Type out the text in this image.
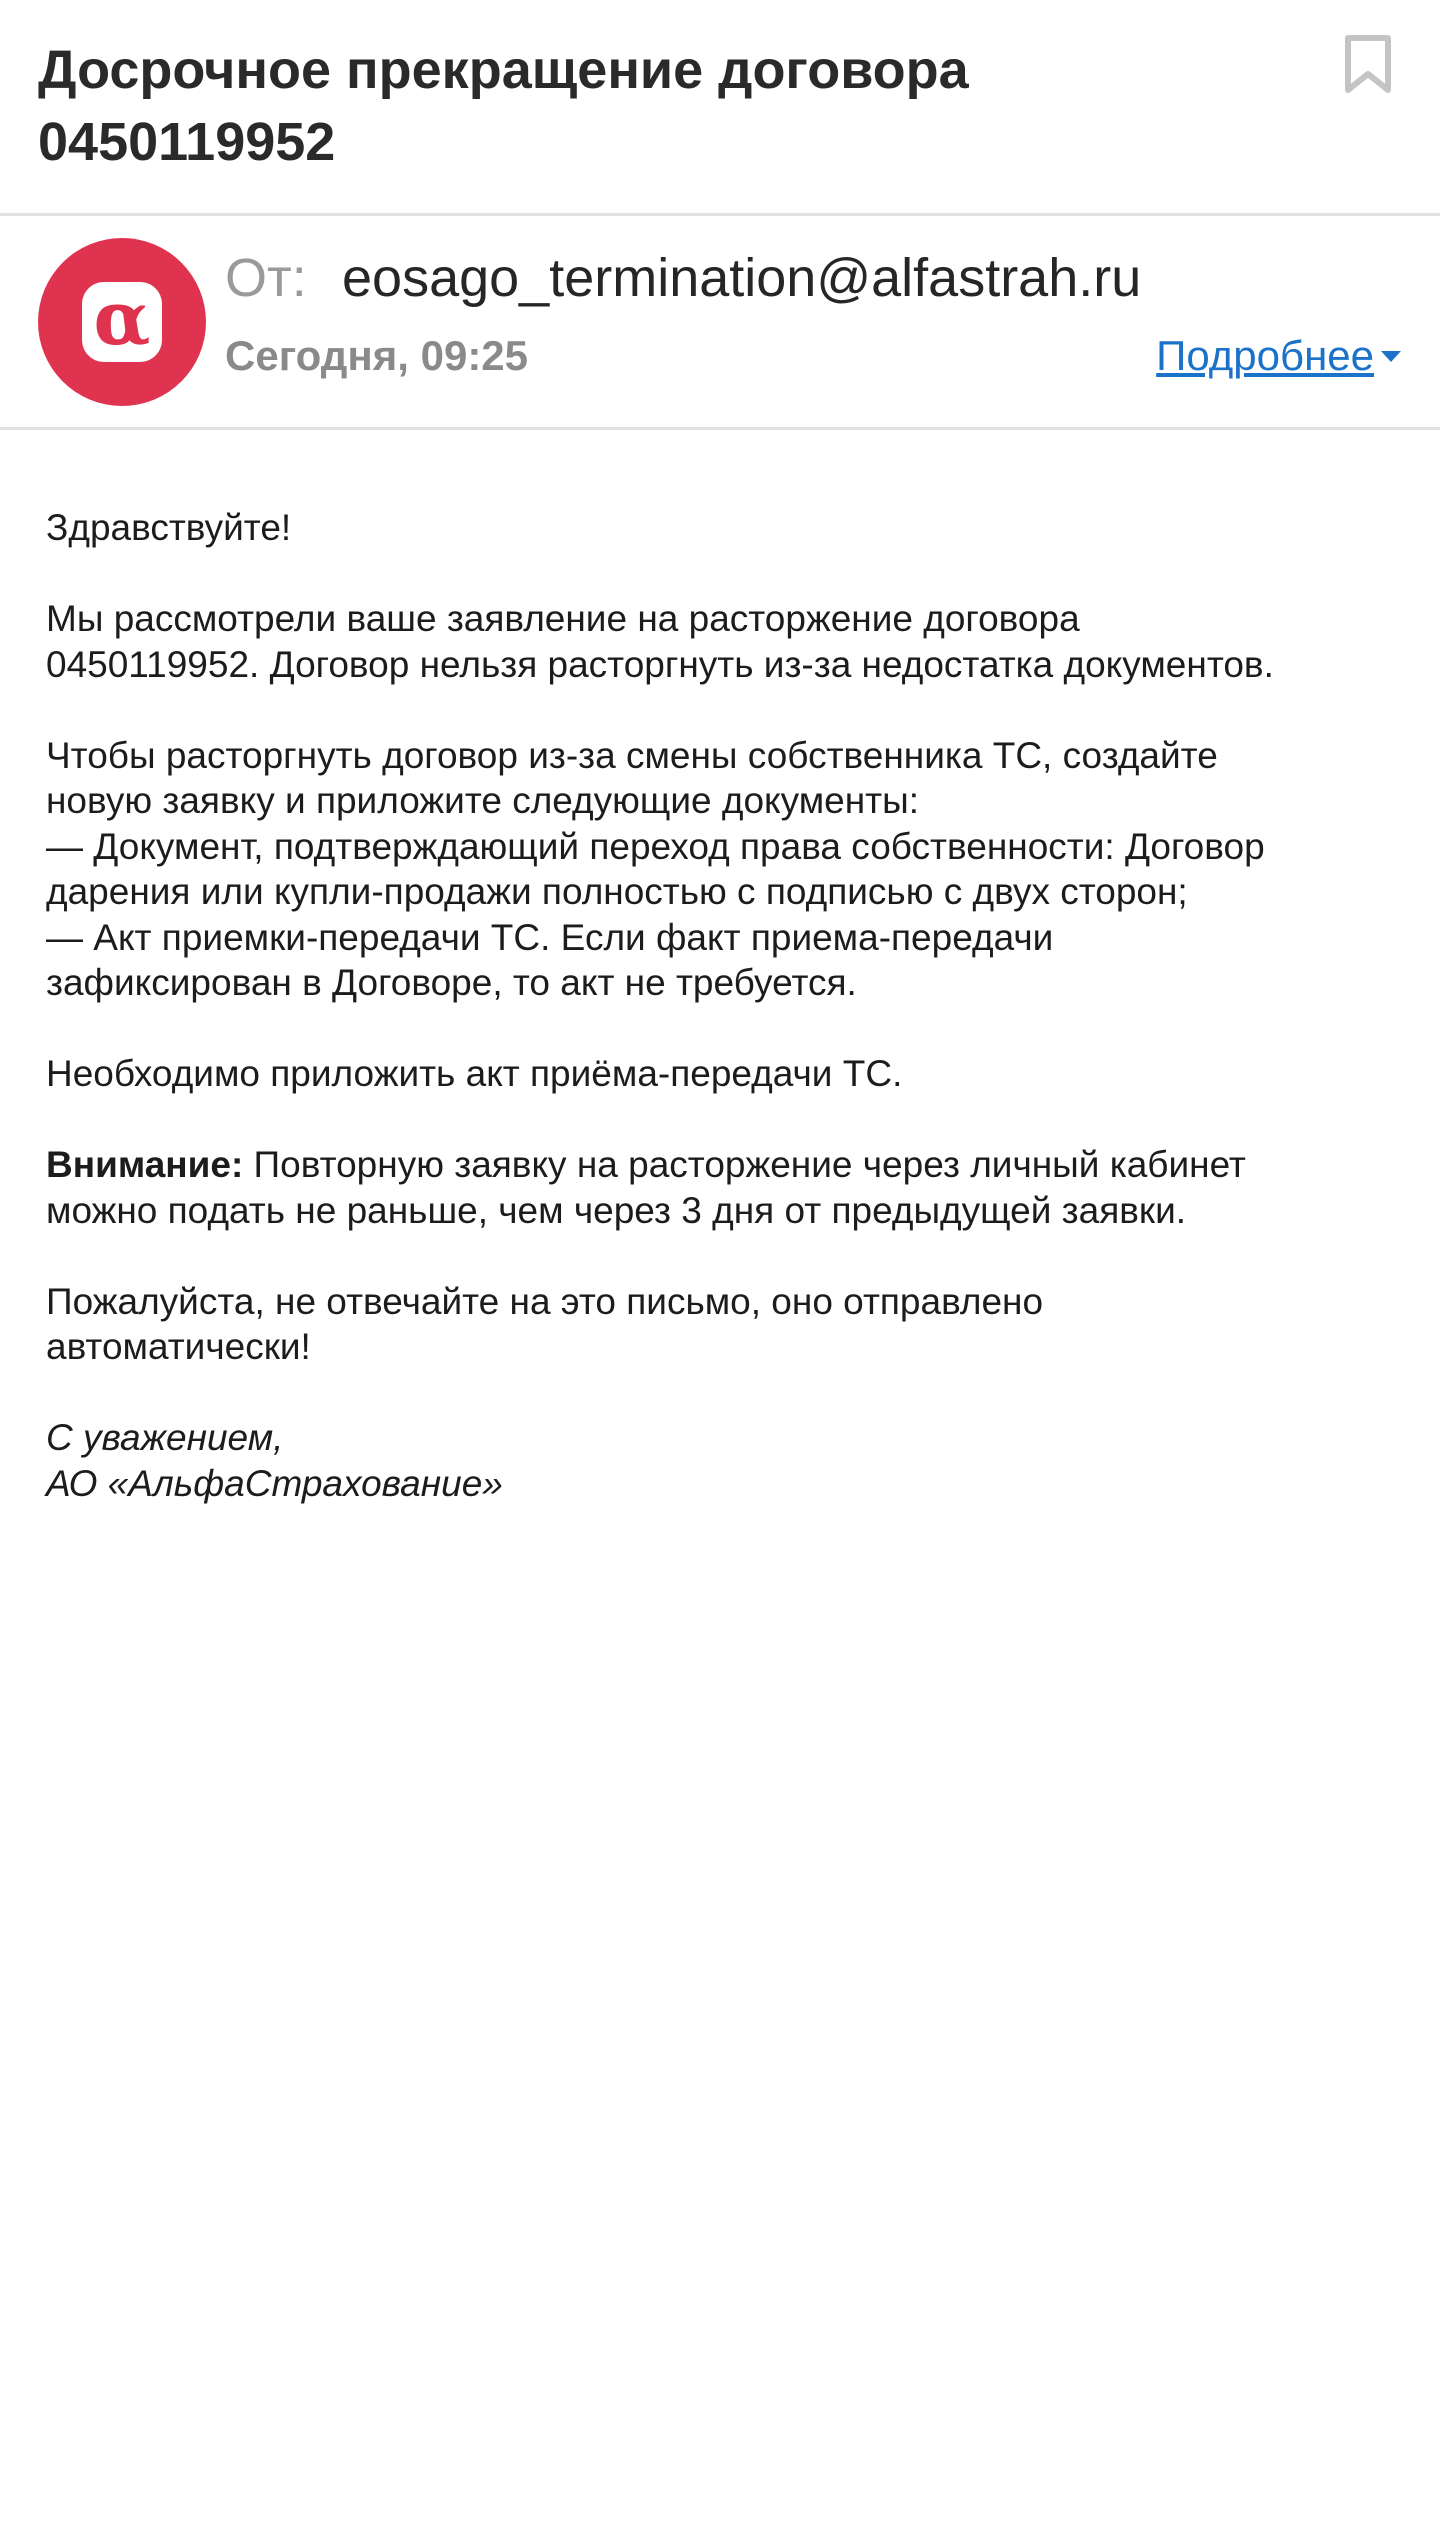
Досрочное прекращение договора
0450119952
α От: eosago_termination@alfastrah.ru
Сегодня, 09:25	Подробнее

Здравствуйте!

Мы рассмотрели ваше заявление на расторжение договора
0450119952. Договор нельзя расторгнуть из-за недостатка документов.

Чтобы расторгнуть договор из-за смены собственника ТС, создайте
новую заявку и приложите следующие документы:
— Документ, подтверждающий переход права собственности: Договор
дарения или купли-продажи полностью с подписью с двух сторон;
— Акт приемки-передачи ТС. Если факт приема-передачи
зафиксирован в Договоре, то акт не требуется.

Необходимо приложить акт приёма-передачи ТС.

Внимание: Повторную заявку на расторжение через личный кабинет
можно подать не раньше, чем через 3 дня от предыдущей заявки.

Пожалуйста, не отвечайте на это письмо, оно отправлено
автоматически!

С уважением,
АО «АльфаСтрахование»
